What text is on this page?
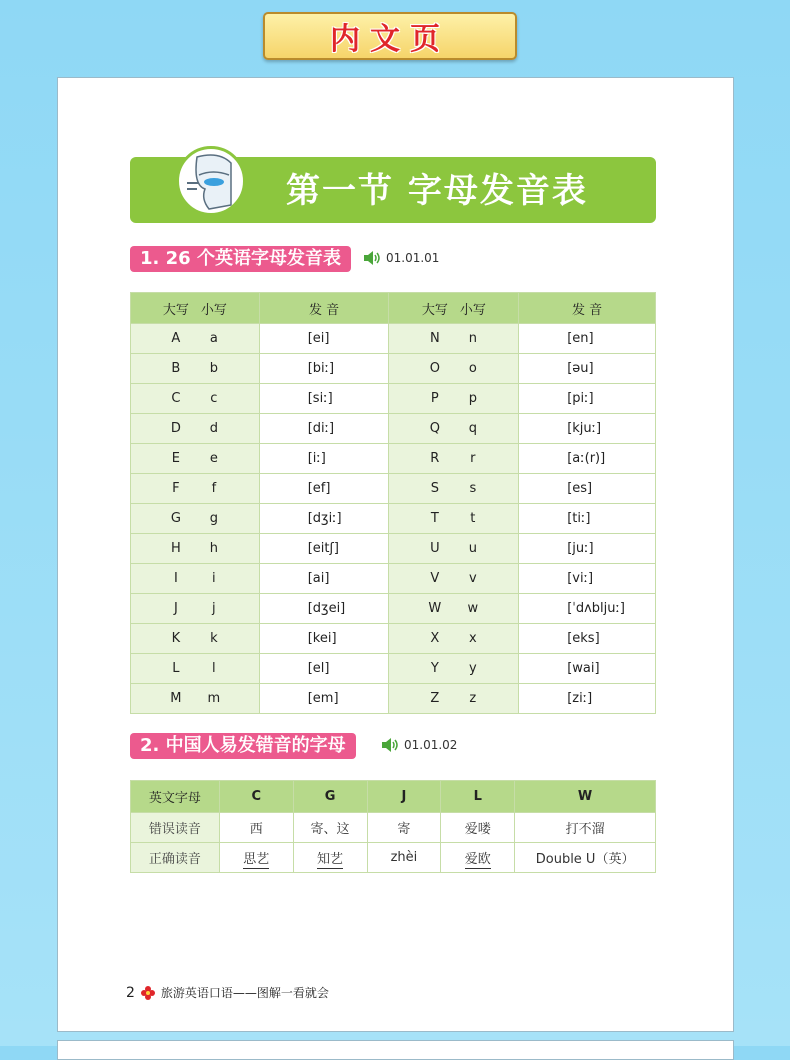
内文页
第一节 字母发音表
1. 26 个英语字母发音表	01.01.01
大写 小写	发 音	大写 小写	发 音
A a	[ei]	N n	[en]
B b	[biː]	O o	[əu]
C c	[siː]	P p	[piː]
D d	[diː]	Q q	[kjuː]
E e	[iː]	R r	[aː(r)]
F f	[ef]	S s	[es]
G g	[dʒiː]	T t	[tiː]
H h	[eitʃ]	U u	[juː]
I i	[ai]	V v	[viː]
J j	[dʒei]	W w	[ˈdʌbljuː]
K k	[kei]	X x	[eks]
L l	[el]	Y y	[wai]
M m	[em]	Z z	[ziː]
2. 中国人易发错音的字母	01.01.02
英文字母	C	G	J	L	W
错误读音	西	寄、这	寄	爱喽	打不溜
正确读音	思艺	知艺	zhèi	爱欧	Double U（英）
2 旅游英语口语——图解一看就会
